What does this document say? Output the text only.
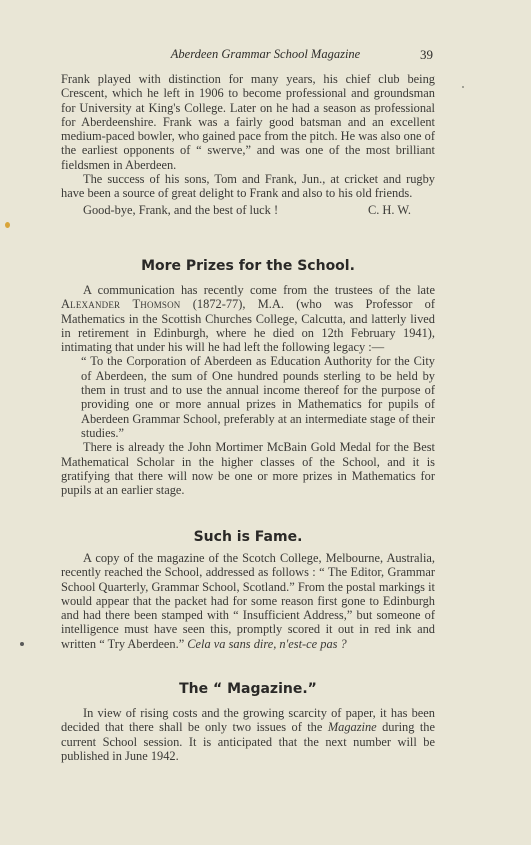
Aberdeen Grammar School Magazine	39

Frank played with distinction for many years, his chief club being Crescent, which he left in 1906 to become professional and groundsman for University at King's College. Later on he had a season as professional for Aberdeenshire. Frank was a fairly good batsman and an excellent medium-paced bowler, who gained pace from the pitch. He was also one of the earliest opponents of “ swerve,” and was one of the most brilliant fieldsmen in Aberdeen.

The success of his sons, Tom and Frank, Jun., at cricket and rugby have been a source of great delight to Frank and also to his old friends.

Good-bye, Frank, and the best of luck !	C. H. W.

More Prizes for the School.

A communication has recently come from the trustees of the late Alexander Thomson (1872-77), M.A. (who was Professor of Mathematics in the Scottish Churches College, Calcutta, and latterly lived in retirement in Edinburgh, where he died on 12th February 1941), intimating that under his will he had left the following legacy :—

“ To the Corporation of Aberdeen as Education Authority for the City of Aberdeen, the sum of One hundred pounds sterling to be held by them in trust and to use the annual income thereof for the purpose of providing one or more annual prizes in Mathematics for pupils of Aberdeen Grammar School, preferably at an intermediate stage of their studies.”

There is already the John Mortimer McBain Gold Medal for the Best Mathematical Scholar in the higher classes of the School, and it is gratifying that there will now be one or more prizes in Mathematics for pupils at an earlier stage.

Such is Fame.

A copy of the magazine of the Scotch College, Melbourne, Australia, recently reached the School, addressed as follows : “ The Editor, Grammar School Quarterly, Grammar School, Scotland.” From the postal markings it would appear that the packet had for some reason first gone to Edinburgh and had there been stamped with “ Insufficient Address,” but someone of intelligence must have seen this, promptly scored it out in red ink and written “ Try Aberdeen.” Cela va sans dire, n'est-ce pas ?

The “ Magazine.”

In view of rising costs and the growing scarcity of paper, it has been decided that there shall be only two issues of the Magazine during the current School session. It is anticipated that the next number will be published in June 1942.
